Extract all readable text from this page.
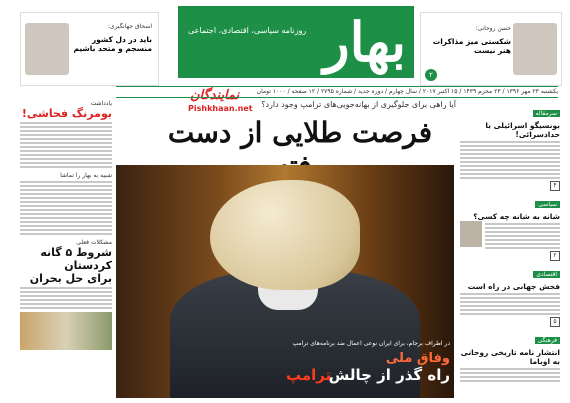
بهار
روزنامه سیاسی، اقتصادی، اجتماعی
نمایندگان
Pishkhaan.net
اسحاق جهانگیری:
باید در دل کشور منسجم و متحد باشیم
حسن روحانی:
شکستی میز مذاکرات هنر نیست
۲
یکشنبه ۲۳ مهر ۱۳۹۶ / ۲۳ محرم ۱۴۳۹ / ۱۵ اکتبر ۲۰۱۷ / سال چهارم / دوره جدید / شماره ۲۷۹۵ / ۱۲ صفحه / ۱۰۰۰ تومان
آیا راهی برای جلوگیری از بهانه‌جویی‌های ترامپ وجود دارد؟
فرصت طلایی از دست
در اطراف برجام، برای ایران نوعی اعمال ضد برنامه‌های ترامپ
وفاق ملی
راه گذر از چالش
ترامپ
یادداشت
بومرنگ فحاشی!
شبیه به بهار را تماشا
مشکلات فعلی
شروط ۵ گانه کردستان
برای حل بحران
سرمقاله
بونسیگو اسرائیلی با حدادسرائی!
۴
سیاسی
شانه به شانه چه کسی؟
۲
اقتصادی
فحش جهانی در راه است
۵
فرهنگی
انتشار نامه تاریخی روحانی به اوباما
